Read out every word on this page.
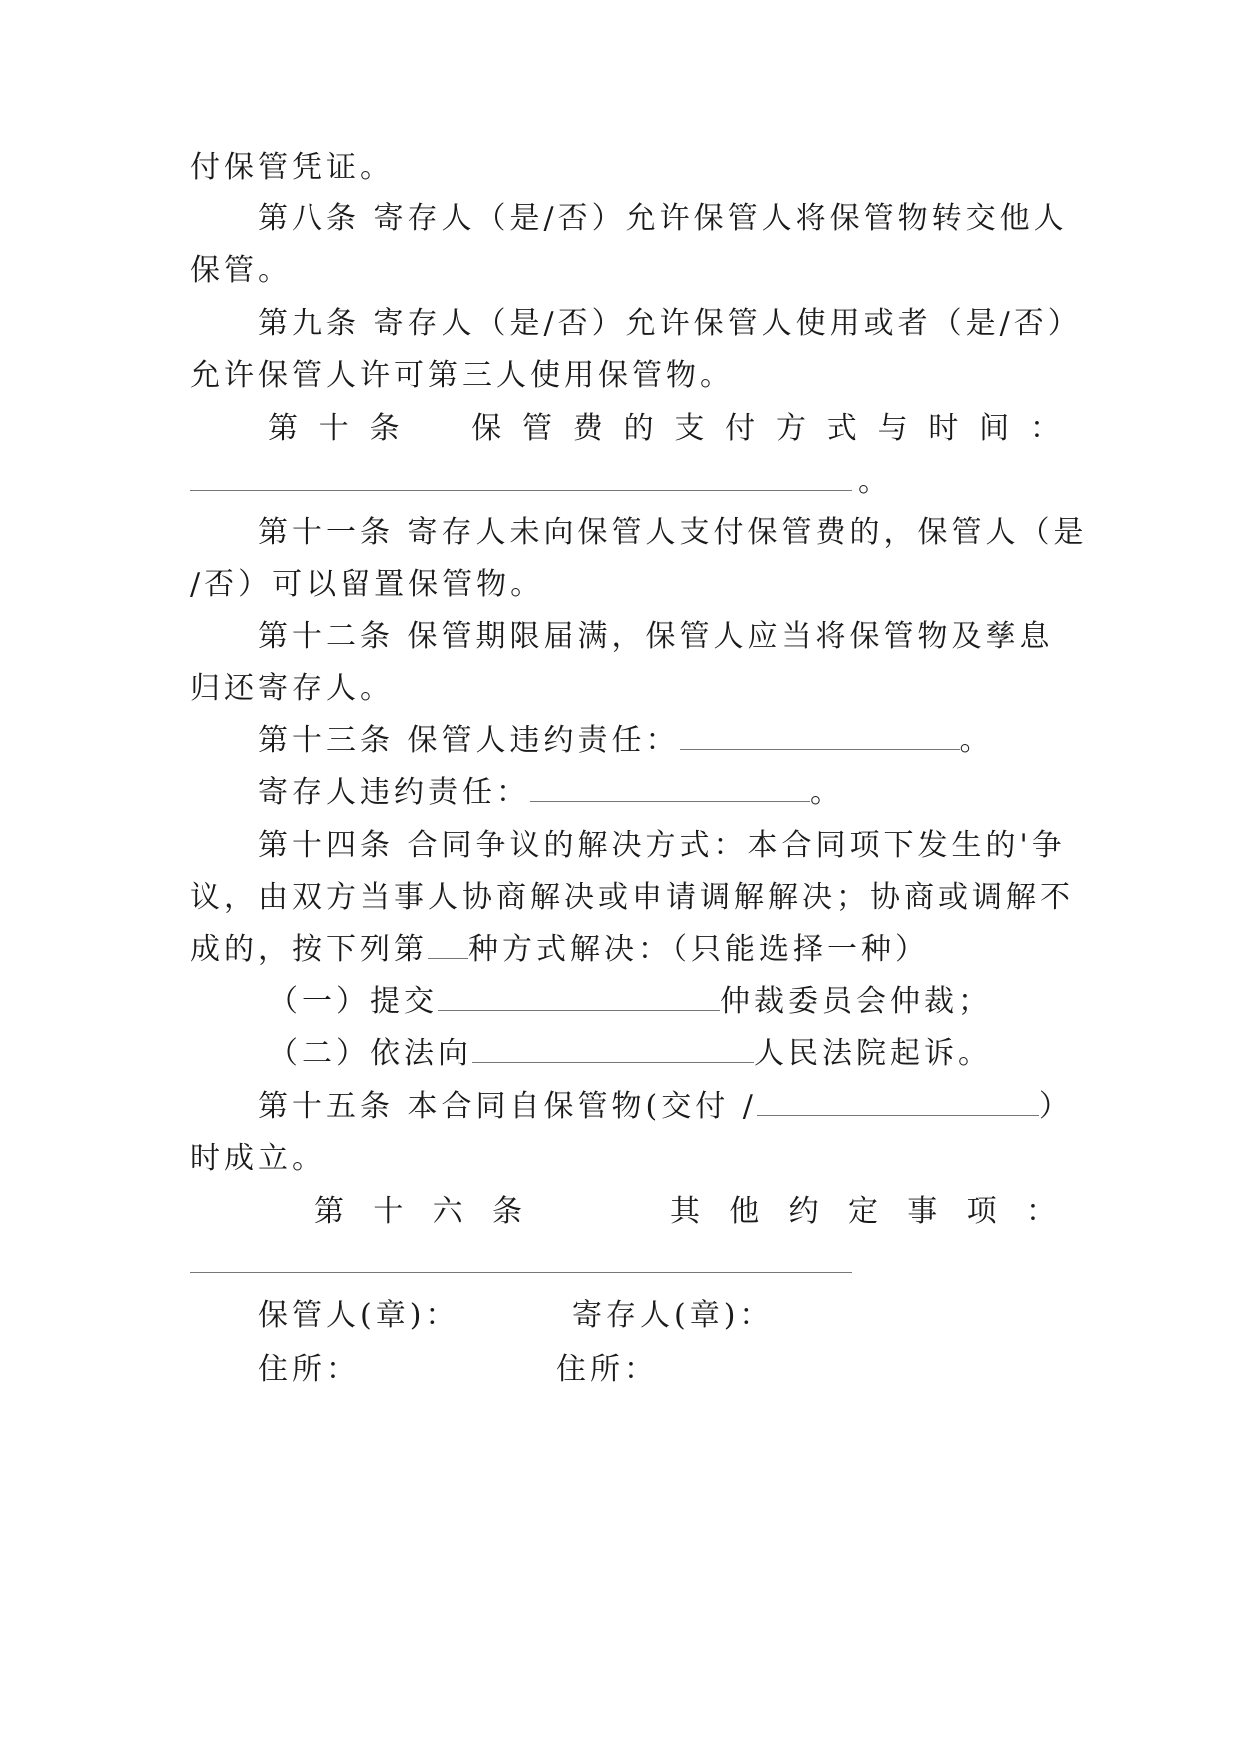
付保管凭证。
第八条 寄存人（是/否）允许保管人将保管物转交他人
保管。
第九条 寄存人（是/否）允许保管人使用或者（是/否）
允许保管人许可第三人使用保管物。
第 十 条 保 管 费 的 支 付 方 式 与 时 间 ：
。
第十一条 寄存人未向保管人支付保管费的，保管人（是
/否）可以留置保管物。
第十二条 保管期限届满，保管人应当将保管物及孳息
归还寄存人。
第十三条 保管人违约责任：	。
寄存人违约责任：	。
第十四条 合同争议的解决方式：本合同项下发生的'争
议，由双方当事人协商解决或申请调解解决；协商或调解不
成的，按下列第 种方式解决：（只能选择一种）
（一）提交	仲裁委员会仲裁；
（二）依法向	人民法院起诉。
第十五条 本合同自保管物(交付 /	）
时成立。
第 十 六 条	其 他 约 定 事 项 ：
保管人(章)：	寄存人(章)：
住所：	住所：
